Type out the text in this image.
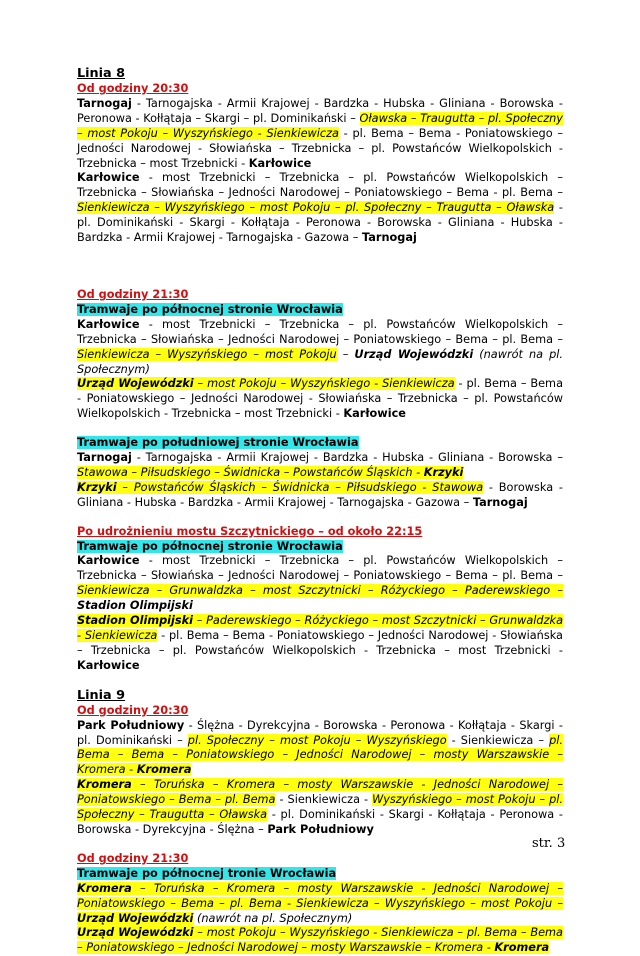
Linia 8
Od godziny 20:30
Tarnogaj - Tarnogajska - Armii Krajowej - Bardzka - Hubska - Gliniana - Borowska - Peronowa - Kołłątaja – Skargi – pl. Dominikański – Oławska – Traugutta – pl. Społeczny – most Pokoju – Wyszyńskiego - Sienkiewicza - pl. Bema – Bema - Poniatowskiego – Jedności Narodowej - Słowiańska – Trzebnicka – pl. Powstańców Wielkopolskich - Trzebnicka – most Trzebnicki - Karłowice
Karłowice - most Trzebnicki – Trzebnicka – pl. Powstańców Wielkopolskich – Trzebnicka – Słowiańska – Jedności Narodowej – Poniatowskiego – Bema - pl. Bema – Sienkiewicza – Wyszyńskiego – most Pokoju – pl. Społeczny – Traugutta – Oławska - pl. Dominikański - Skargi - Kołłątaja - Peronowa - Borowska - Gliniana - Hubska - Bardzka - Armii Krajowej - Tarnogajska - Gazowa – Tarnogaj
Od godziny 21:30
Tramwaje po północnej stronie Wrocławia
Karłowice - most Trzebnicki – Trzebnicka – pl. Powstańców Wielkopolskich – Trzebnicka – Słowiańska – Jedności Narodowej – Poniatowskiego – Bema – pl. Bema – Sienkiewicza – Wyszyńskiego – most Pokoju – Urząd Wojewódzki (nawrót na pl. Społecznym)
Urząd Wojewódzki – most Pokoju – Wyszyńskiego - Sienkiewicza - pl. Bema – Bema - Poniatowskiego – Jedności Narodowej - Słowiańska – Trzebnicka – pl. Powstańców Wielkopolskich - Trzebnicka – most Trzebnicki - Karłowice
Tramwaje po południowej stronie Wrocławia
Tarnogaj - Tarnogajska - Armii Krajowej - Bardzka - Hubska - Gliniana - Borowska – Stawowa – Piłsudskiego – Świdnicka – Powstańców Śląskich - Krzyki
Krzyki – Powstańców Śląskich – Świdnicka – Piłsudskiego - Stawowa - Borowska - Gliniana - Hubska - Bardzka - Armii Krajowej - Tarnogajska - Gazowa – Tarnogaj
Po udrożnieniu mostu Szczytnickiego – od około 22:15
Tramwaje po północnej stronie Wrocławia
Karłowice - most Trzebnicki – Trzebnicka – pl. Powstańców Wielkopolskich – Trzebnicka – Słowiańska – Jedności Narodowej – Poniatowskiego – Bema – pl. Bema – Sienkiewicza – Grunwaldzka – most Szczytnicki – Różyckiego – Paderewskiego – Stadion Olimpijski
Stadion Olimpijski – Paderewskiego – Różyckiego – most Szczytnicki – Grunwaldzka - Sienkiewicza - pl. Bema – Bema - Poniatowskiego – Jedności Narodowej - Słowiańska – Trzebnicka – pl. Powstańców Wielkopolskich - Trzebnicka – most Trzebnicki - Karłowice
Linia 9
Od godziny 20:30
Park Południowy - Ślężna - Dyrekcyjna - Borowska - Peronowa - Kołłątaja - Skargi - pl. Dominikański – pl. Społeczny – most Pokoju – Wyszyńskiego - Sienkiewicza – pl. Bema – Bema – Poniatowskiego – Jedności Narodowej – mosty Warszawskie – Kromera - Kromera
Kromera – Toruńska – Kromera – mosty Warszawskie - Jedności Narodowej – Poniatowskiego – Bema – pl. Bema - Sienkiewicza - Wyszyńskiego – most Pokoju – pl. Społeczny – Traugutta – Oławska - pl. Dominikański - Skargi - Kołłątaja - Peronowa - Borowska - Dyrekcyjna - Ślężna – Park Południowy
Od godziny 21:30
Tramwaje po północnej tronie Wrocławia
Kromera – Toruńska – Kromera – mosty Warszawskie - Jedności Narodowej – Poniatowskiego – Bema – pl. Bema - Sienkiewicza – Wyszyńskiego – most Pokoju – Urząd Wojewódzki (nawrót na pl. Społecznym)
Urząd Wojewódzki – most Pokoju – Wyszyńskiego - Sienkiewicza – pl. Bema – Bema – Poniatowskiego – Jedności Narodowej – mosty Warszawskie – Kromera - Kromera
str. 3
